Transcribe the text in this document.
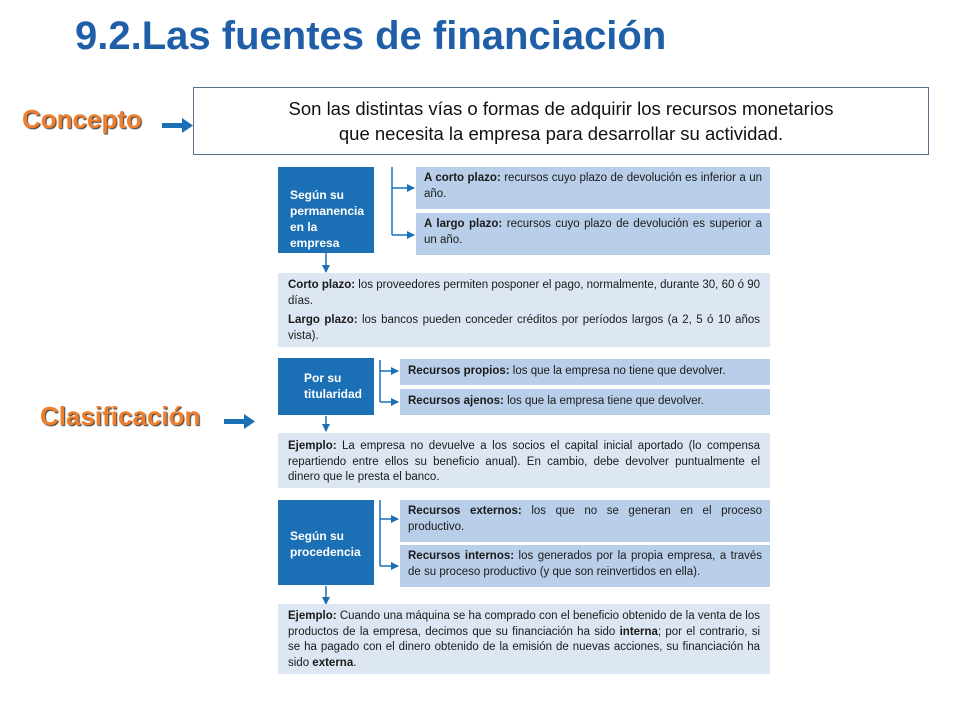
9.2.Las fuentes de financiación
Concepto	Son las distintas vías o formas de adquirir los recursos monetarios
que necesita la empresa para desarrollar su actividad.
Clasificación
Según su permanencia en la empresa
A corto plazo: recursos cuyo plazo de devolución es inferior a un año.
A largo plazo: recursos cuyo plazo de devolución es superior a un año.

Corto plazo: los proveedores permiten posponer el pago, normalmente, durante 30, 60 ó 90 días.

Largo plazo: los bancos pueden conceder créditos por períodos largos (a 2, 5 ó 10 años vista).

Por su titularidad
Recursos propios: los que la empresa no tiene que devolver.
Recursos ajenos: los que la empresa tiene que devolver.
Ejemplo: La empresa no devuelve a los socios el capital inicial aportado (lo compensa repartiendo entre ellos su beneficio anual). En cambio, debe devolver puntualmente el dinero que le presta el banco.
Según su procedencia
Recursos externos: los que no se generan en el proceso productivo.
Recursos internos: los generados por la propia empresa, a través de su proceso productivo (y que son reinvertidos en ella).
Ejemplo: Cuando una máquina se ha comprado con el beneficio obtenido de la venta de los productos de la empresa, decimos que su financiación ha sido interna; por el contrario, si se ha pagado con el dinero obtenido de la emisión de nuevas acciones, su financiación ha sido externa.
